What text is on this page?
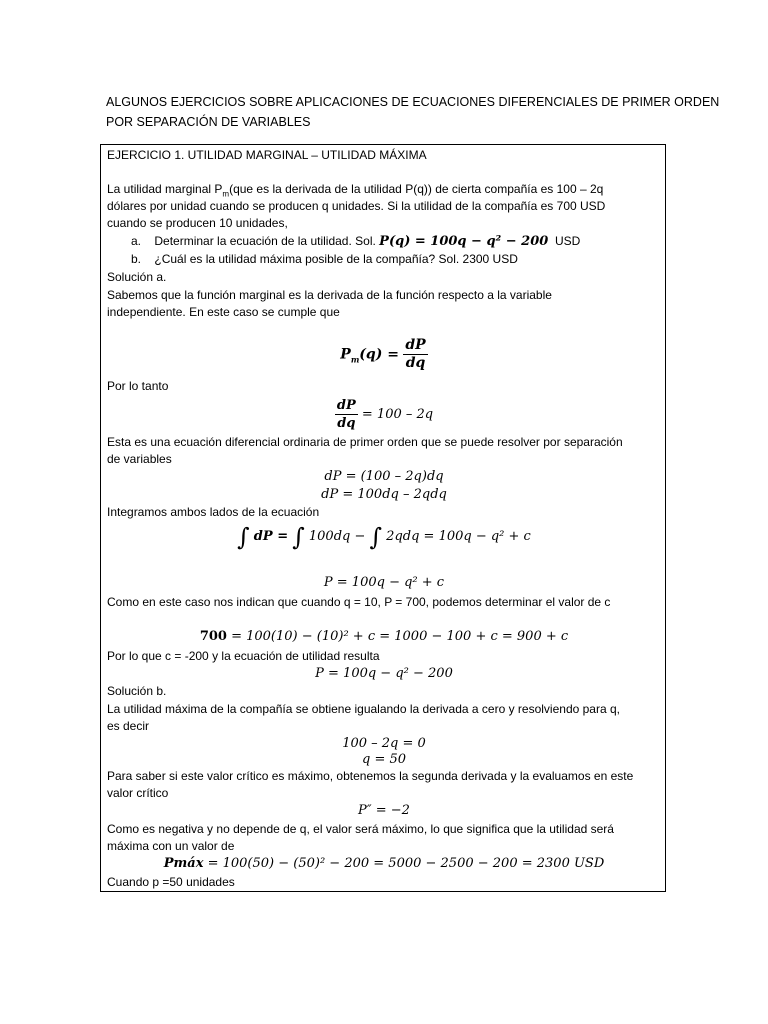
ALGUNOS EJERCICIOS SOBRE APLICACIONES DE ECUACIONES DIFERENCIALES DE PRIMER ORDEN
POR SEPARACIÓN DE VARIABLES
EJERCICIO 1. UTILIDAD MARGINAL – UTILIDAD MÁXIMA
La utilidad marginal $P_m(que$ es la derivada de la utilidad P(q)) de cierta compañía es 100 – 2q
dólares por unidad cuando se producen q unidades. Si la utilidad de la compañía es 700 USD
cuando se producen 10 unidades,
a. Determinar la ecuación de la utilidad. Sol. P(q) = 100q − q² − 200 USD
b. ¿Cuál es la utilidad máxima posible de la compañía? Sol. 2300 USD
Solución a.
Sabemos que la función marginal es la derivada de la función respecto a la variable
independiente. En este caso se cumple que
$P_m(q) = \frac{dP}{dq}$
Por lo tanto
$\frac{dP}{dq} = 100 - 2q$
Esta es una ecuación diferencial ordinaria de primer orden que se puede resolver por separación
de variables
dP = (100 – 2q)dq
dP = 100dq – 2qdq
Integramos ambos lados de la ecuación
∫ dP = ∫ 100dq − ∫ 2qdq = 100q − q² + c
P = 100q − q² + c
Como en este caso nos indican que cuando q = 10, P = 700, podemos determinar el valor de c
700 = 100(10) − (10)² + c = 1000 − 100 + c = 900 + c
Por lo que c = -200 y la ecuación de utilidad resulta
P = 100q − q² − 200
Solución b.
La utilidad máxima de la compañía se obtiene igualando la derivada a cero y resolviendo para q,
es decir
100 – 2q = 0
q = 50
Para saber si este valor crítico es máximo, obtenemos la segunda derivada y la evaluamos en este
valor crítico
P″ = −2
Como es negativa y no depende de q, el valor será máximo, lo que significa que la utilidad será
máxima con un valor de
Pmáx = 100(50) − (50)² − 200 = 5000 − 2500 − 200 = 2300 USD
Cuando p =50 unidades
